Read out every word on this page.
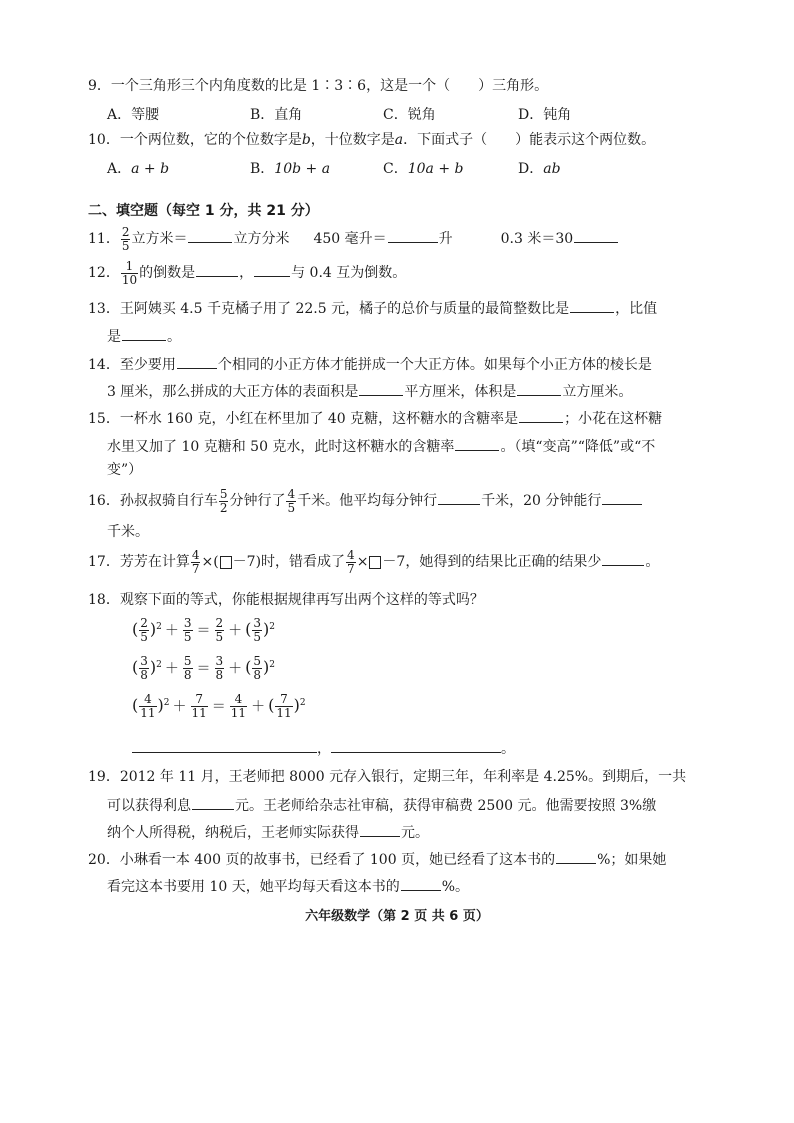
9．一个三角形三个内角度数的比是 1∶3∶6，这是一个（　　）三角形。
A．等腰	B．直角	C．锐角	D．钝角
10．一个两位数，它的个位数字是b，十位数字是a．下面式子（　　）能表示这个两位数。
A．a + b	B．10b + a	C．10a + b	D．ab
二、填空题（每空 1 分，共 21 分）
11． $\frac{2}{5}$ 立方米＝	立方分米 450 毫升＝	升	0.3 米＝30
12． $\frac{1}{10}$ 的倒数是	，	与 0.4 互为倒数。
13．王阿姨买 4.5 千克橘子用了 22.5 元，橘子的总价与质量的最简整数比是	，比值
是	。
14．至少要用	个相同的小正方体才能拼成一个大正方体。如果每个小正方体的棱长是
3 厘米，那么拼成的大正方体的表面积是	平方厘米，体积是	立方厘米。
15．一杯水 160 克，小红在杯里加了 40 克糖，这杯糖水的含糖率是	；小花在这杯糖
水里又加了 10 克糖和 50 克水，此时这杯糖水的含糖率	。（填“变高”“降低”或“不
变”）
16．孙叔叔骑自行车 $\frac{5}{2}$ 分钟行了 $\frac{4}{5}$ 千米。他平均每分钟行	千米，20 分钟能行
千米。
17．芳芳在计算 $\frac{4}{7}$ ×( －7)时，错看成了 $\frac{4}{7} \times -7$，她得到的结果比正确的结果少	。
18．观察下面的等式，你能根据规律再写出两个这样的等式吗？
( $\frac{2}{5} )^2 + \frac{3}{5} = \frac{2}{5}$ ＋ ( $\frac{3}{5} )^2$
( $\frac{3}{8} )^2 + \frac{5}{8} = \frac{3}{8}$ ＋ ( $\frac{5}{8} )^2$
( $\frac{4}{11} )^2 + \frac{7}{11} = \frac{4}{11}$ ＋ ( $\frac{7}{11} )^2$
，	。
19．2012 年 11 月，王老师把 8000 元存入银行，定期三年，年利率是 4.25%。到期后，一共
可以获得利息	元。王老师给杂志社审稿，获得审稿费 2500 元。他需要按照 3%缴
纳个人所得税，纳税后，王老师实际获得	元。
20．小琳看一本 400 页的故事书，已经看了 100 页，她已经看了这本书的	%；如果她
看完这本书要用 10 天，她平均每天看这本书的	%。
六年级数学（第 2 页 共 6 页）
